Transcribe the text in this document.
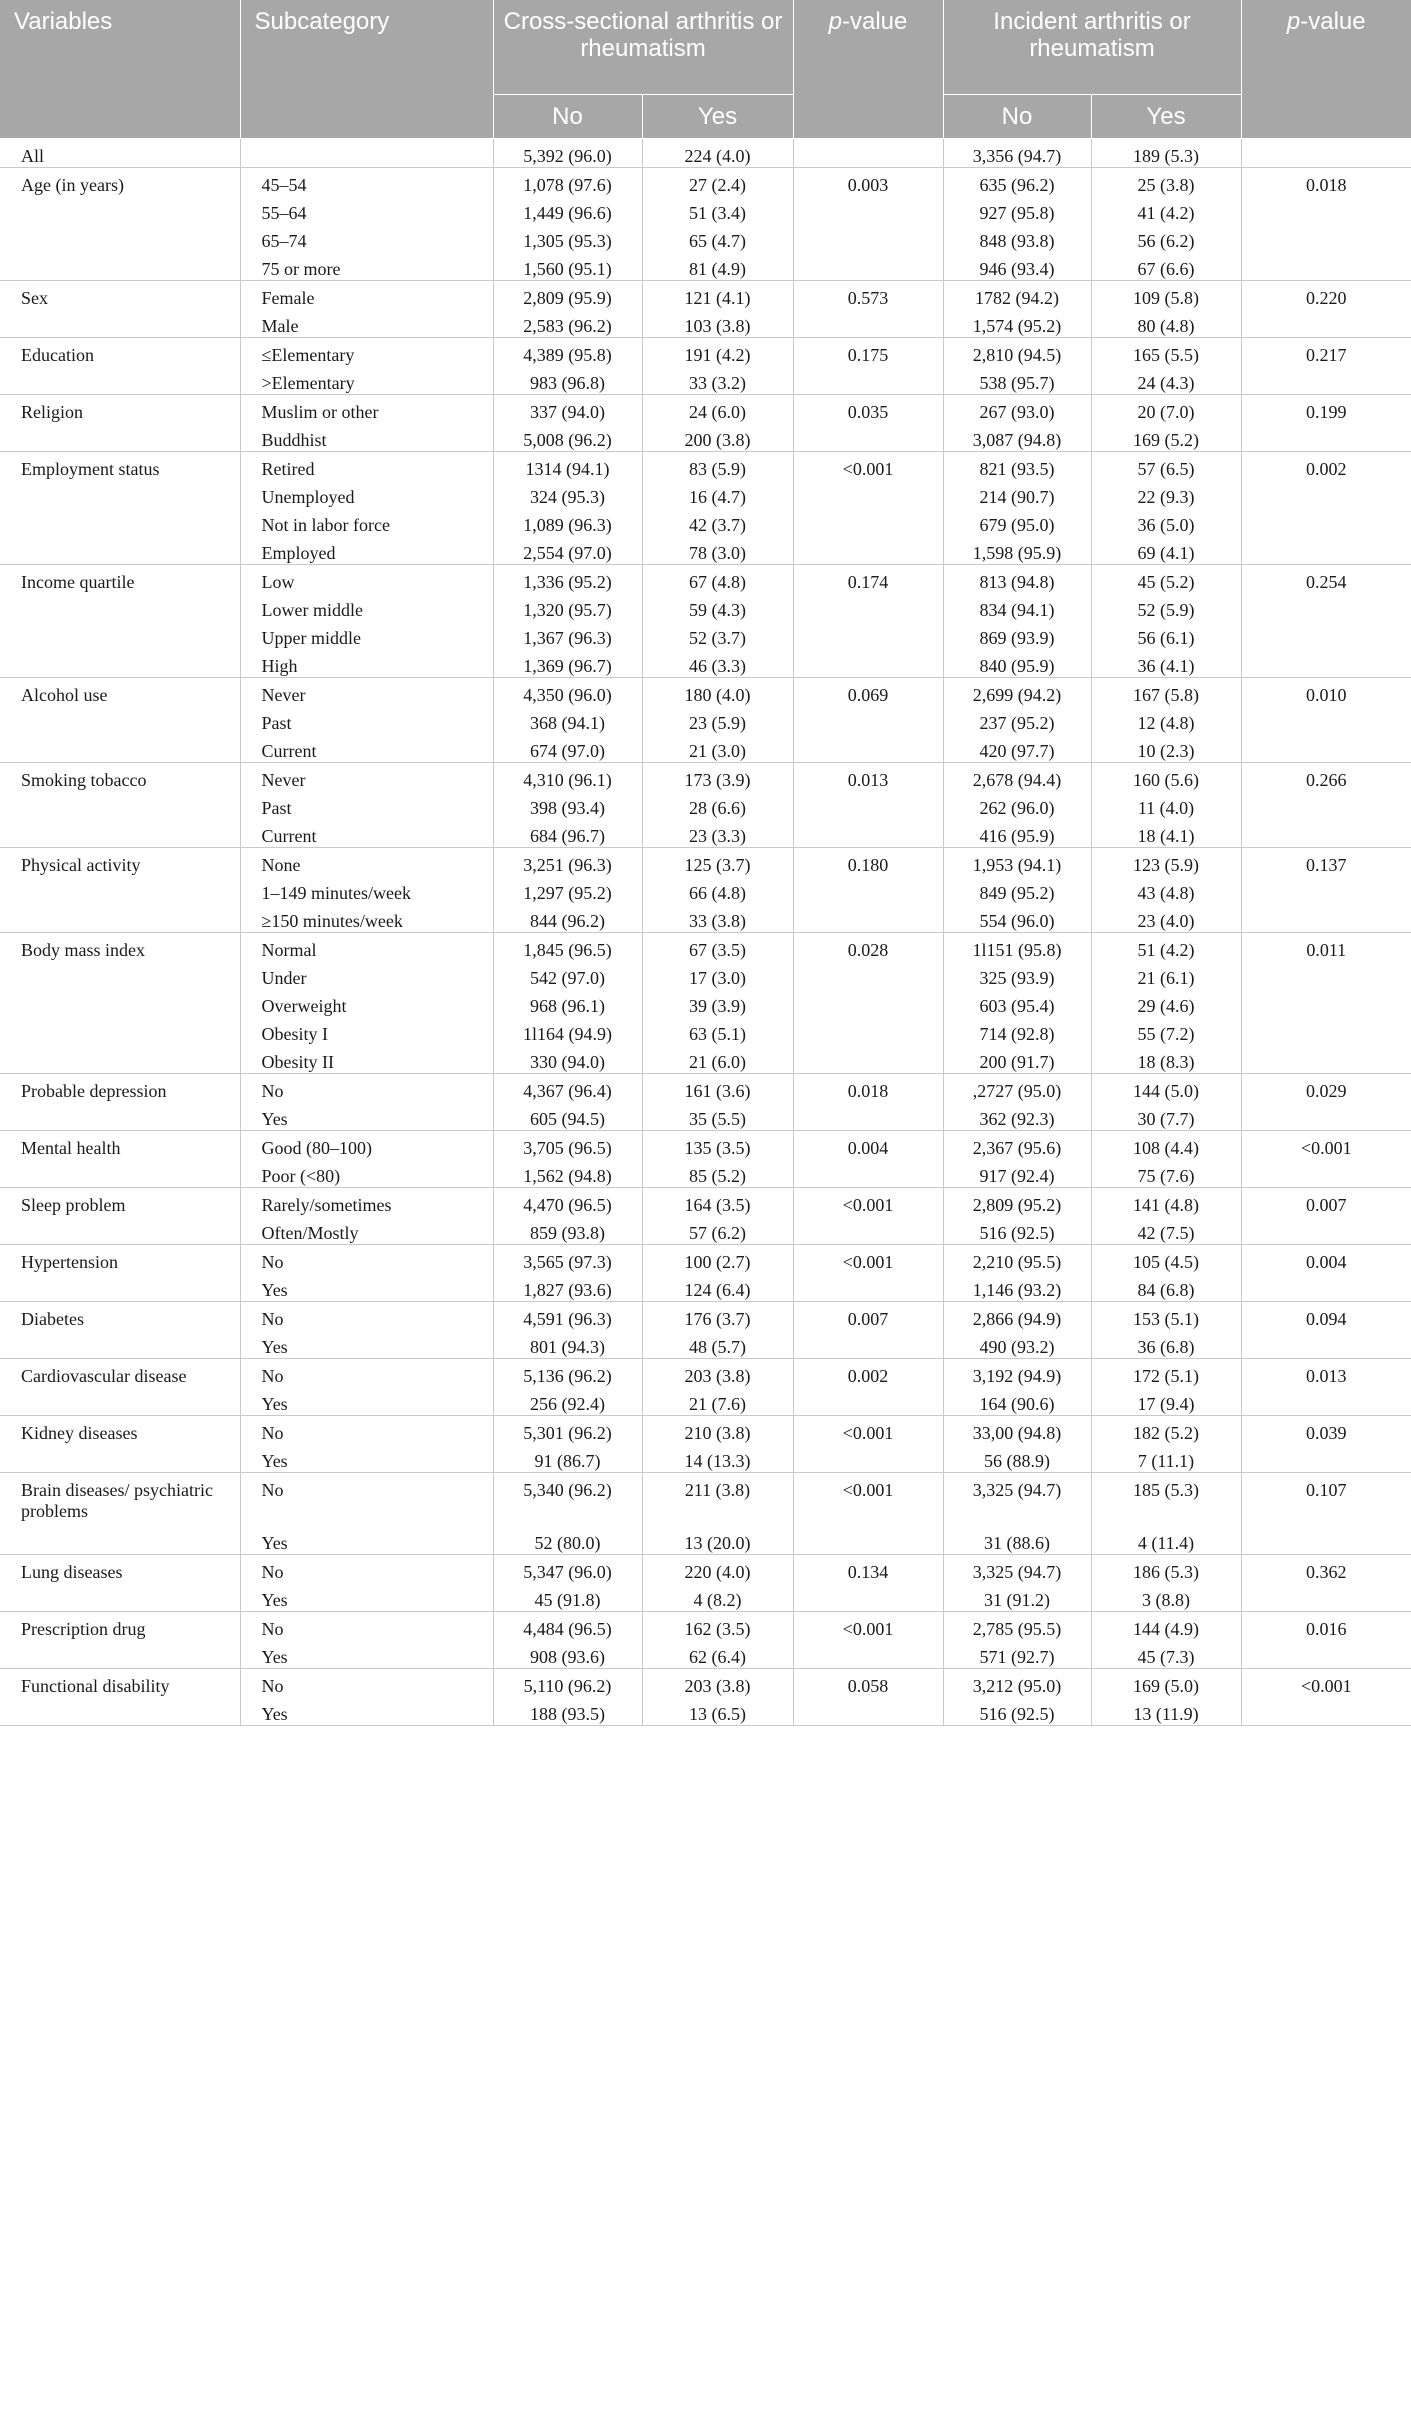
Variables	Subcategory	Cross-sectional arthritis or rheumatism		p-value	Incident arthritis or rheumatism		p-value
		No	Yes		No	Yes	
All		5,392 (96.0)	224 (4.0)		3,356 (94.7)	189 (5.3)	
Age (in years)	45–54	1,078 (97.6)	27 (2.4)	0.003	635 (96.2)	25 (3.8)	0.018
	55–64	1,449 (96.6)	51 (3.4)		927 (95.8)	41 (4.2)	
	65–74	1,305 (95.3)	65 (4.7)		848 (93.8)	56 (6.2)	
	75 or more	1,560 (95.1)	81 (4.9)		946 (93.4)	67 (6.6)	
Sex	Female	2,809 (95.9)	121 (4.1)	0.573	1782 (94.2)	109 (5.8)	0.220
	Male	2,583 (96.2)	103 (3.8)		1,574 (95.2)	80 (4.8)	
Education	≤Elementary	4,389 (95.8)	191 (4.2)	0.175	2,810 (94.5)	165 (5.5)	0.217
	>Elementary	983 (96.8)	33 (3.2)		538 (95.7)	24 (4.3)	
Religion	Muslim or other	337 (94.0)	24 (6.0)	0.035	267 (93.0)	20 (7.0)	0.199
	Buddhist	5,008 (96.2)	200 (3.8)		3,087 (94.8)	169 (5.2)	
Employment status	Retired	1314 (94.1)	83 (5.9)	<0.001	821 (93.5)	57 (6.5)	0.002
	Unemployed	324 (95.3)	16 (4.7)		214 (90.7)	22 (9.3)	
	Not in labor force	1,089 (96.3)	42 (3.7)		679 (95.0)	36 (5.0)	
	Employed	2,554 (97.0)	78 (3.0)		1,598 (95.9)	69 (4.1)	
Income quartile	Low	1,336 (95.2)	67 (4.8)	0.174	813 (94.8)	45 (5.2)	0.254
	Lower middle	1,320 (95.7)	59 (4.3)		834 (94.1)	52 (5.9)	
	Upper middle	1,367 (96.3)	52 (3.7)		869 (93.9)	56 (6.1)	
	High	1,369 (96.7)	46 (3.3)		840 (95.9)	36 (4.1)	
Alcohol use	Never	4,350 (96.0)	180 (4.0)	0.069	2,699 (94.2)	167 (5.8)	0.010
	Past	368 (94.1)	23 (5.9)		237 (95.2)	12 (4.8)	
	Current	674 (97.0)	21 (3.0)		420 (97.7)	10 (2.3)	
Smoking tobacco	Never	4,310 (96.1)	173 (3.9)	0.013	2,678 (94.4)	160 (5.6)	0.266
	Past	398 (93.4)	28 (6.6)		262 (96.0)	11 (4.0)	
	Current	684 (96.7)	23 (3.3)		416 (95.9)	18 (4.1)	
Physical activity	None	3,251 (96.3)	125 (3.7)	0.180	1,953 (94.1)	123 (5.9)	0.137
	1–149 minutes/week	1,297 (95.2)	66 (4.8)		849 (95.2)	43 (4.8)	
	≥150 minutes/week	844 (96.2)	33 (3.8)		554 (96.0)	23 (4.0)	
Body mass index	Normal	1,845 (96.5)	67 (3.5)	0.028	1l151 (95.8)	51 (4.2)	0.011
	Under	542 (97.0)	17 (3.0)		325 (93.9)	21 (6.1)	
	Overweight	968 (96.1)	39 (3.9)		603 (95.4)	29 (4.6)	
	Obesity I	1l164 (94.9)	63 (5.1)		714 (92.8)	55 (7.2)	
	Obesity II	330 (94.0)	21 (6.0)		200 (91.7)	18 (8.3)	
Probable depression	No	4,367 (96.4)	161 (3.6)	0.018	,2727 (95.0)	144 (5.0)	0.029
	Yes	605 (94.5)	35 (5.5)		362 (92.3)	30 (7.7)	
Mental health	Good (80–100)	3,705 (96.5)	135 (3.5)	0.004	2,367 (95.6)	108 (4.4)	<0.001
	Poor (<80)	1,562 (94.8)	85 (5.2)		917 (92.4)	75 (7.6)	
Sleep problem	Rarely/sometimes	4,470 (96.5)	164 (3.5)	<0.001	2,809 (95.2)	141 (4.8)	0.007
	Often/Mostly	859 (93.8)	57 (6.2)		516 (92.5)	42 (7.5)	
Hypertension	No	3,565 (97.3)	100 (2.7)	<0.001	2,210 (95.5)	105 (4.5)	0.004
	Yes	1,827 (93.6)	124 (6.4)		1,146 (93.2)	84 (6.8)	
Diabetes	No	4,591 (96.3)	176 (3.7)	0.007	2,866 (94.9)	153 (5.1)	0.094
	Yes	801 (94.3)	48 (5.7)		490 (93.2)	36 (6.8)	
Cardiovascular disease	No	5,136 (96.2)	203 (3.8)	0.002	3,192 (94.9)	172 (5.1)	0.013
	Yes	256 (92.4)	21 (7.6)		164 (90.6)	17 (9.4)	
Kidney diseases	No	5,301 (96.2)	210 (3.8)	<0.001	33,00 (94.8)	182 (5.2)	0.039
	Yes	91 (86.7)	14 (13.3)		56 (88.9)	7 (11.1)	
Brain diseases/ psychiatric problems	No	5,340 (96.2)	211 (3.8)	<0.001	3,325 (94.7)	185 (5.3)	0.107
	Yes	52 (80.0)	13 (20.0)		31 (88.6)	4 (11.4)	
Lung diseases	No	5,347 (96.0)	220 (4.0)	0.134	3,325 (94.7)	186 (5.3)	0.362
	Yes	45 (91.8)	4 (8.2)		31 (91.2)	3 (8.8)	
Prescription drug	No	4,484 (96.5)	162 (3.5)	<0.001	2,785 (95.5)	144 (4.9)	0.016
	Yes	908 (93.6)	62 (6.4)		571 (92.7)	45 (7.3)	
Functional disability	No	5,110 (96.2)	203 (3.8)	0.058	3,212 (95.0)	169 (5.0)	<0.001
	Yes	188 (93.5)	13 (6.5)		516 (92.5)	13 (11.9)	
